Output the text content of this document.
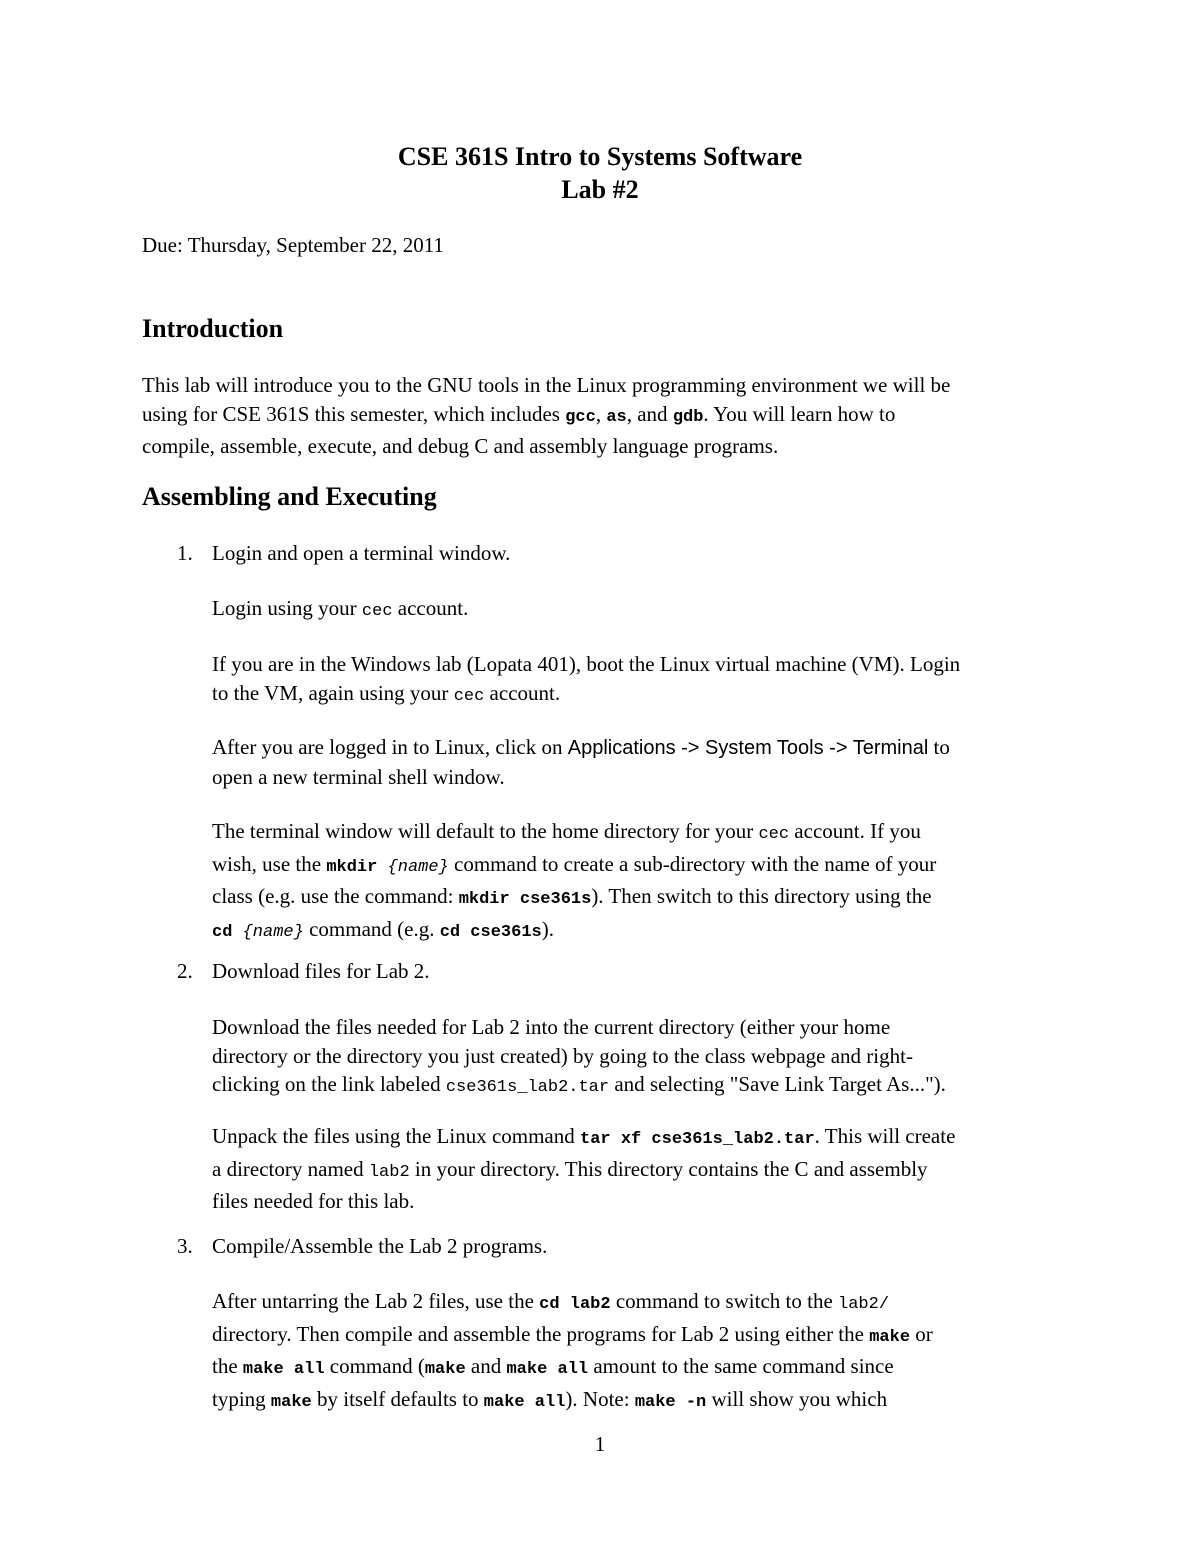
CSE 361S Intro to Systems Software
Lab #2
Due: Thursday, September 22, 2011
Introduction
This lab will introduce you to the GNU tools in the Linux programming environment we will be
using for CSE 361S this semester, which includes gcc, as, and gdb. You will learn how to
compile, assemble, execute, and debug C and assembly language programs.
Assembling and Executing
1. Login and open a terminal window.
Login using your cec account.
If you are in the Windows lab (Lopata 401), boot the Linux virtual machine (VM). Login
to the VM, again using your cec account.
After you are logged in to Linux, click on Applications -> System Tools -> Terminal to
open a new terminal shell window.
The terminal window will default to the home directory for your cec account. If you
wish, use the mkdir {name} command to create a sub-directory with the name of your
class (e.g. use the command: mkdir cse361s). Then switch to this directory using the
cd {name} command (e.g. cd cse361s).
2. Download files for Lab 2.
Download the files needed for Lab 2 into the current directory (either your home
directory or the directory you just created) by going to the class webpage and right-
clicking on the link labeled cse361s_lab2.tar and selecting "Save Link Target As...").
Unpack the files using the Linux command tar xf cse361s_lab2.tar. This will create
a directory named lab2 in your directory. This directory contains the C and assembly
files needed for this lab.
3. Compile/Assemble the Lab 2 programs.
After untarring the Lab 2 files, use the cd lab2 command to switch to the lab2/
directory. Then compile and assemble the programs for Lab 2 using either the make or
the make all command (make and make all amount to the same command since
typing make by itself defaults to make all). Note: make -n will show you which
1
